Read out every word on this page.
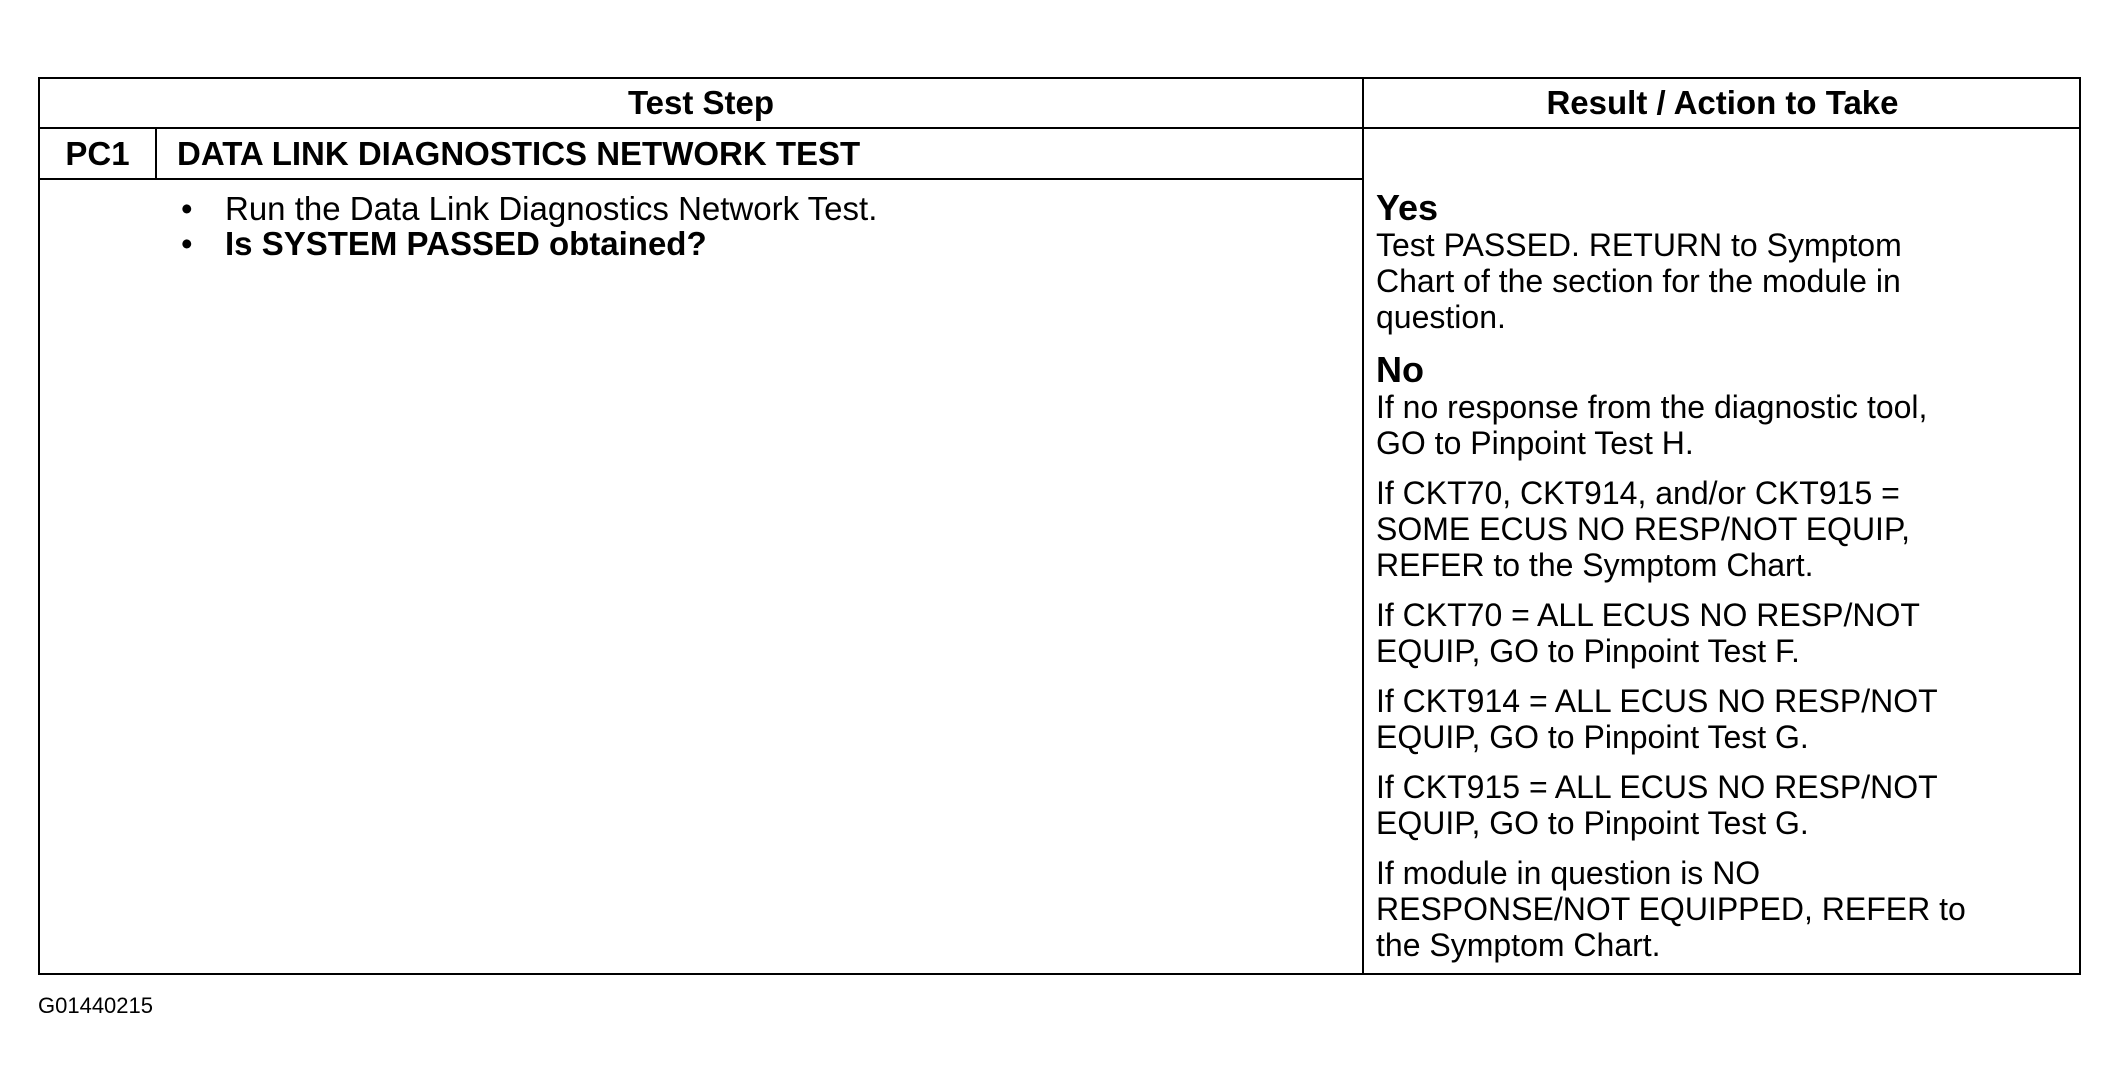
Test Step	Result / Action to Take
PC1	DATA LINK DIAGNOSTICS NETWORK TEST
• Run the Data Link Diagnostics Network Test.
• Is SYSTEM PASSED obtained?
Yes

Test PASSED. RETURN to Symptom
Chart of the section for the module in
question.

No

If no response from the diagnostic tool,
GO to Pinpoint Test H.

If CKT70, CKT914, and/or CKT915 =
SOME ECUS NO RESP/NOT EQUIP,
REFER to the Symptom Chart.

If CKT70 = ALL ECUS NO RESP/NOT
EQUIP, GO to Pinpoint Test F.

If CKT914 = ALL ECUS NO RESP/NOT
EQUIP, GO to Pinpoint Test G.

If CKT915 = ALL ECUS NO RESP/NOT
EQUIP, GO to Pinpoint Test G.

If module in question is NO
RESPONSE/NOT EQUIPPED, REFER to
the Symptom Chart.

G01440215
